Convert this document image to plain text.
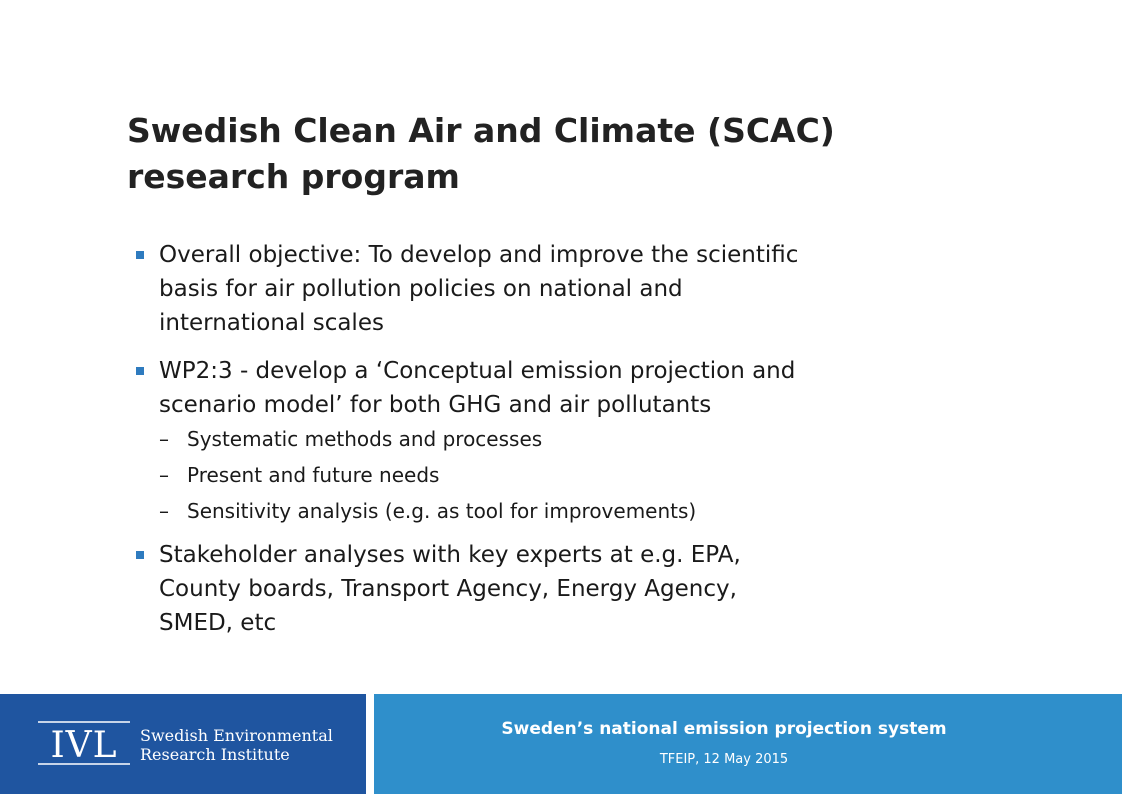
Swedish Clean Air and Climate (SCAC)
research program
Overall objective: To develop and improve the scientific
basis for air pollution policies on national and
international scales
WP2:3 - develop a ‘Conceptual emission projection and
scenario model’ for both GHG and air pollutants
– Systematic methods and processes
– Present and future needs
– Sensitivity analysis (e.g. as tool for improvements)
Stakeholder analyses with key experts at e.g. EPA,
County boards, Transport Agency, Energy Agency,
SMED, etc
IVL Swedish Environmental
Research Institute
Sweden’s national emission projection system
TFEIP, 12 May 2015
